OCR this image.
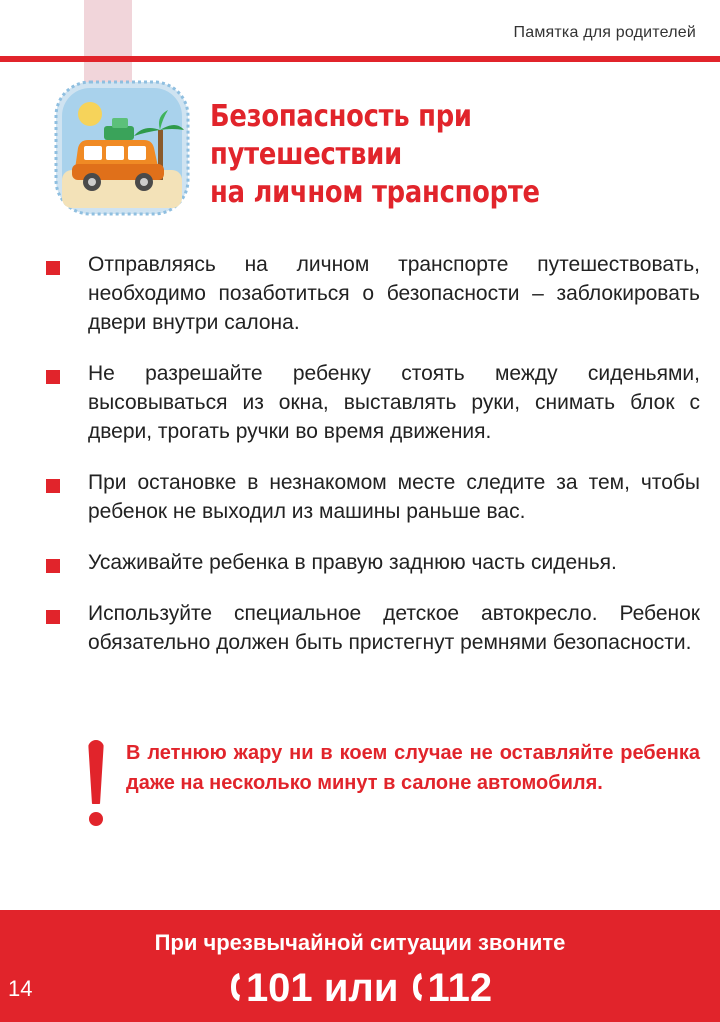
Памятка для родителей
Безопасность при путешествии
на личном транспорте
Отправляясь на личном транспорте путешествовать, необходимо позаботиться о безопасности – заблокировать двери внутри салона.
Не разрешайте ребенку стоять между сиденьями, высовываться из окна, выставлять руки, снимать блок с двери, трогать ручки во время движения.
При остановке в незнакомом месте следите за тем, чтобы ребенок не выходил из машины раньше вас.
Усаживайте ребенка в правую заднюю часть сиденья.
Используйте специальное детское автокресло. Ребенок обязательно должен быть пристегнут ремнями безопасности.
В летнюю жару ни в коем случае не оставляйте ребенка даже на несколько минут в салоне автомобиля.
При чрезвычайной ситуации звоните
101 или 112
14
